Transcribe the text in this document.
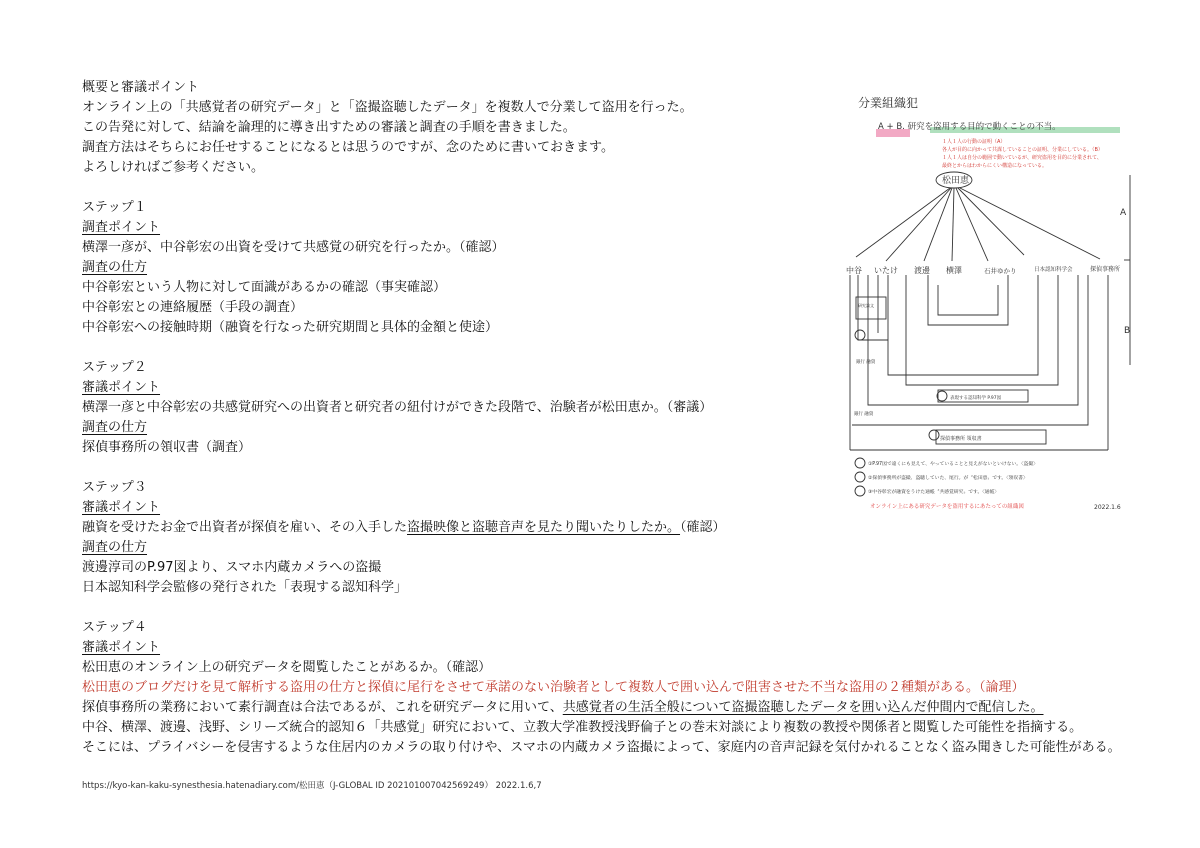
概要と審議ポイント
オンライン上の「共感覚者の研究データ」と「盗撮盗聴したデータ」を複数人で分業して盗用を行った。
この告発に対して、結論を論理的に導き出すための審議と調査の手順を書きました。
調査方法はそちらにお任せすることになるとは思うのですが、念のために書いておきます。
よろしければご参考ください。
ステップ１
調査ポイント
横澤一彦が、中谷彰宏の出資を受けて共感覚の研究を行ったか。（確認）
調査の仕方
中谷彰宏という人物に対して面識があるかの確認（事実確認）
中谷彰宏との連絡履歴（手段の調査）
中谷彰宏への接触時期（融資を行なった研究期間と具体的金額と使途）
ステップ２
審議ポイント
横澤一彦と中谷彰宏の共感覚研究への出資者と研究者の紐付けができた段階で、治験者が松田恵か。（審議）
調査の仕方
探偵事務所の領収書（調査）
ステップ３
審議ポイント
融資を受けたお金で出資者が探偵を雇い、その入手した盗撮映像と盗聴音声を見たり聞いたりしたか。（確認）
調査の仕方
渡邊淳司のP.97図より、スマホ内蔵カメラへの盗撮
日本認知科学会監修の発行された「表現する認知科学」
ステップ４
審議ポイント
松田恵のオンライン上の研究データを閲覧したことがあるか。（確認）
松田恵のブログだけを見て解析する盗用の仕方と探偵に尾行をさせて承諾のない治験者として複数人で囲い込んで阻害させた不当な盗用の２種類がある。（論理）
探偵事務所の業務において素行調査は合法であるが、これを研究データに用いて、共感覚者の生活全般について盗撮盗聴したデータを囲い込んだ仲間内で配信した。
中谷、横澤、渡邊、浅野、シリーズ統合的認知６「共感覚」研究において、立教大学准教授浅野倫子との巻末対談により複数の教授や関係者と閲覧した可能性を指摘する。
そこには、プライバシーを侵害するような住居内のカメラの取り付けや、スマホの内蔵カメラ盗撮によって、家庭内の音声記録を気付かれることなく盗み聞きした可能性がある。
https://kyo-kan-kaku-synesthesia.hatenadiary.com/松田恵（J-GLOBAL ID 202101007042569249） 2022.1.6,7
分業組織犯
A + B. 研究を盗用する目的で動くことの不当。
１人１人の行動の証明（A）
各人が目的に向かって共謀していることの証明、分業にしている。（B）
１人１人は自分の範囲で動いているが、研究盗用を目的に分業されて、
最終とからはわからにくい構造になっている。
松田恵
中谷 いたけ 渡邊 横澤	石井ゆかり	日本認知科学会	探偵事務所
A
B
研究論文
銀行 融資
銀行 融資
探偵事務所 領収書
表現する認知科学 P.97図
①P.97図で遠くにも見えて、やっていることと見えがないといけない。〈盗撮〉
②探偵事務所が盗撮、盗聴していた、尾行。が〝松田恵〟です。〈領収書〉
③中谷彰宏が融資をうけた通帳〝共感覚研究〟です。〈通帳〉
2022.1.6
オンライン上にある研究データを盗用するにあたっての組織図
